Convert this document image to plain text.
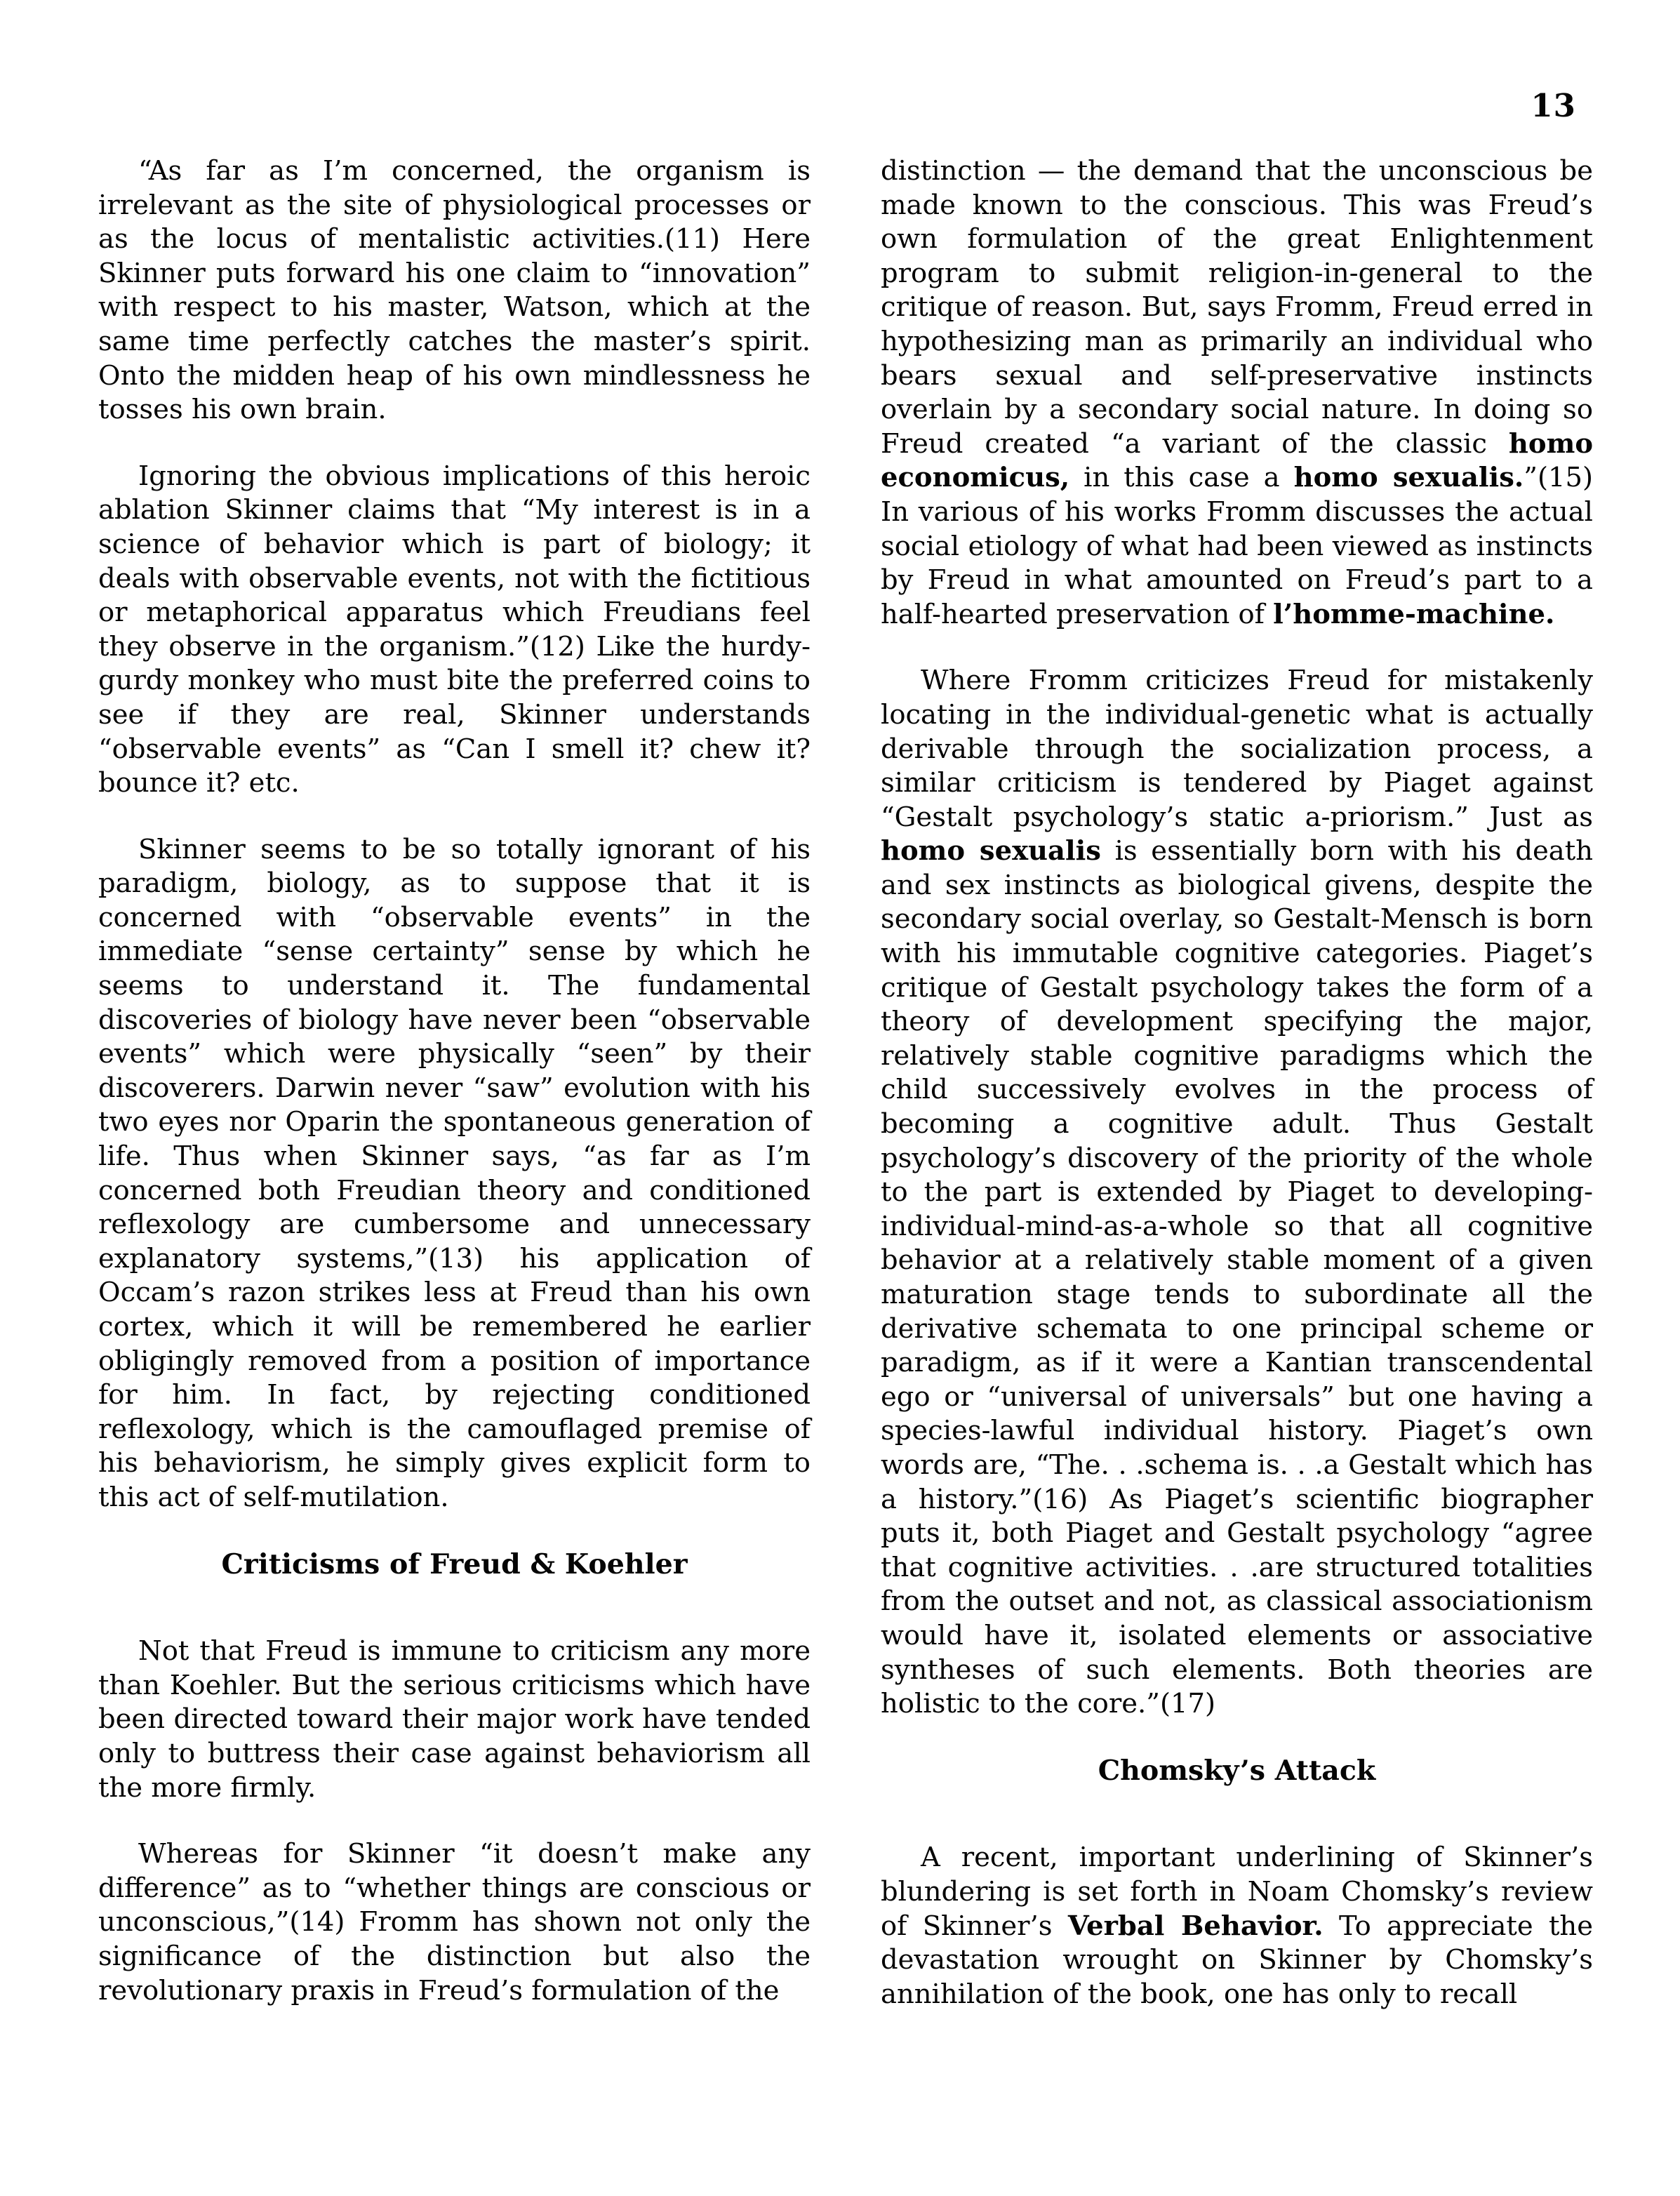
13

“As far as I’m concerned, the organism is irrelevant as the site of physiological processes or as the locus of mentalistic activities.(11) Here Skinner puts forward his one claim to “innovation” with respect to his master, Watson, which at the same time perfectly catches the master’s spirit. Onto the midden heap of his own mindlessness he tosses his own brain.

Ignoring the obvious implications of this heroic ablation Skinner claims that “My interest is in a science of behavior which is part of biology; it deals with observable events, not with the fictitious or metaphorical apparatus which Freudians feel they observe in the organism.”(12) Like the hurdy-gurdy monkey who must bite the preferred coins to see if they are real, Skinner understands “observable events” as “Can I smell it? chew it? bounce it? etc.

Skinner seems to be so totally ignorant of his paradigm, biology, as to suppose that it is concerned with “observable events” in the immediate “sense certainty” sense by which he seems to understand it. The fundamental discoveries of biology have never been “observable events” which were physically “seen” by their discoverers. Darwin never “saw” evolution with his two eyes nor Oparin the spontaneous generation of life. Thus when Skinner says, “as far as I’m concerned both Freudian theory and conditioned reflexology are cumbersome and unnecessary explanatory systems,”(13) his application of Occam’s razon strikes less at Freud than his own cortex, which it will be remembered he earlier obligingly removed from a position of importance for him. In fact, by rejecting conditioned reflexology, which is the camouflaged premise of his behaviorism, he simply gives explicit form to this act of self-mutilation.

Criticisms of Freud & Koehler

Not that Freud is immune to criticism any more than Koehler. But the serious criticisms which have been directed toward their major work have tended only to buttress their case against behaviorism all the more firmly.

Whereas for Skinner “it doesn’t make any difference” as to “whether things are conscious or unconscious,”(14) Fromm has shown not only the significance of the distinction but also the revolutionary praxis in Freud’s formulation of the

distinction — the demand that the unconscious be made known to the conscious. This was Freud’s own formulation of the great Enlightenment program to submit religion-in-general to the critique of reason. But, says Fromm, Freud erred in hypothesizing man as primarily an individual who bears sexual and self-preservative instincts overlain by a secondary social nature. In doing so Freud created “a variant of the classic homo economicus, in this case a homo sexualis.”(15) In various of his works Fromm discusses the actual social etiology of what had been viewed as instincts by Freud in what amounted on Freud’s part to a half-hearted preservation of l’homme-machine.

Where Fromm criticizes Freud for mistakenly locating in the individual-genetic what is actually derivable through the socialization process, a similar criticism is tendered by Piaget against “Gestalt psychology’s static a-priorism.” Just as homo sexualis is essentially born with his death and sex instincts as biological givens, despite the secondary social overlay, so Gestalt-Mensch is born with his immutable cognitive categories. Piaget’s critique of Gestalt psychology takes the form of a theory of development specifying the major, relatively stable cognitive paradigms which the child successively evolves in the process of becoming a cognitive adult. Thus Gestalt psychology’s discovery of the priority of the whole to the part is extended by Piaget to developing-individual-mind-as-a-whole so that all cognitive behavior at a relatively stable moment of a given maturation stage tends to subordinate all the derivative schemata to one principal scheme or paradigm, as if it were a Kantian transcendental ego or “universal of universals” but one having a species-lawful individual history. Piaget’s own words are, “The. . .schema is. . .a Gestalt which has a history.”(16) As Piaget’s scientific biographer puts it, both Piaget and Gestalt psychology “agree that cognitive activities. . .are structured totalities from the outset and not, as classical associationism would have it, isolated elements or associative syntheses of such elements. Both theories are holistic to the core.”(17)

Chomsky’s Attack

A recent, important underlining of Skinner’s blundering is set forth in Noam Chomsky’s review of Skinner’s Verbal Behavior. To appreciate the devastation wrought on Skinner by Chomsky’s annihilation of the book, one has only to recall
